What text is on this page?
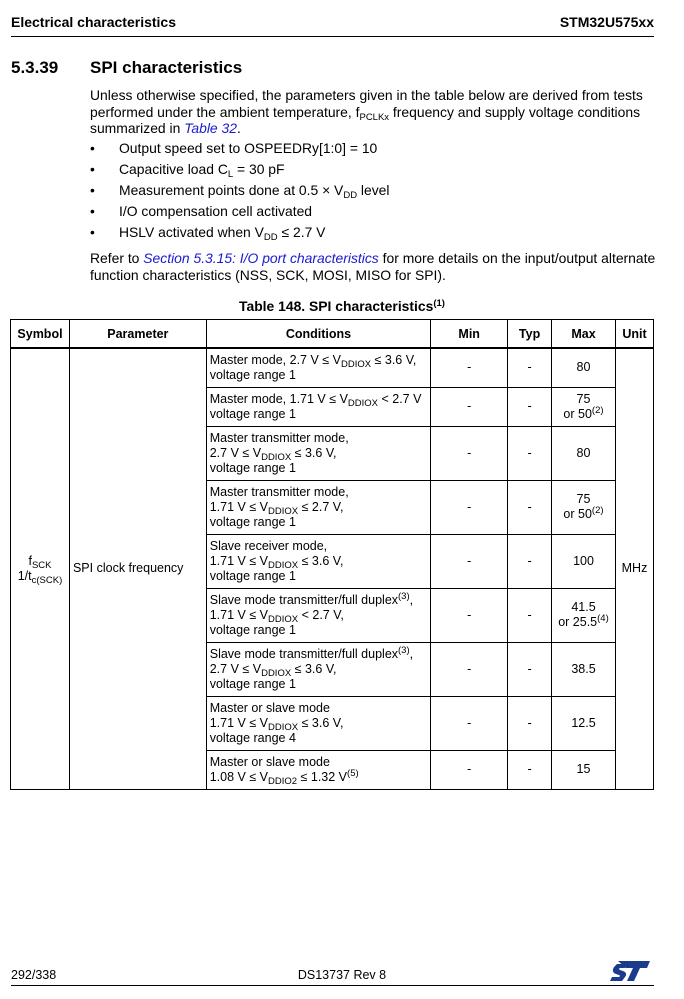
Electrical characteristics	STM32U575xx
5.3.39 SPI characteristics
Unless otherwise specified, the parameters given in the table below are derived from tests performed under the ambient temperature, $f_{PCLKx}$ frequency and supply voltage conditions summarized in Table 32.
• Output speed set to OSPEEDRy[1:0] = 10
• Capacitive load $C_L = 30$ pF
• Measurement points done at $0.5 \times V_{DD}$ level
• I/O compensation cell activated
• HSLV activated when $V_{DD} \le 2.7$ V
Refer to Section 5.3.15: I/O port characteristics for more details on the input/output alternate function characteristics (NSS, SCK, MOSI, MISO for SPI).
Table 148. SPI characteristics$^{(1)}$
Symbol	Parameter	Conditions	Min	Typ	Max	Unit
$f_{SCK}$
$1/t_{c(SCK)}$	SPI clock frequency	Master mode, 2.7 $V \le V_{DDIOX} \le 3.6$ V,
voltage range 1	-	-	80	MHz
		Master mode, 1.71 $V \le V_{DDIOX} < 2.7$ V
voltage range 1	-	-	75
or 50$^{(2)}$
		Master transmitter mode,
2.7 $V \le V_{DDIOX} \le 3.6$ V,
voltage range 1	-	-	80	
		Master transmitter mode,
1.71 $V \le V_{DDIOX} \le 2.7$ V,
voltage range 1	-	-	75
or 50$^{(2)}$
		Slave receiver mode,
1.71 $V \le V_{DDIOX} \le 3.6$ V,
voltage range 1	-	-	100	
		Slave mode transmitter/full duplex$^{(3)}$,
1.71 $V \le V_{DDIOX} < 2.7$ V,
voltage range 1	-	-	41.5
or 25.5$^{(4)}$
		Slave mode transmitter/full duplex$^{(3)}$,
2.7 $V \le V_{DDIOX} \le 3.6$ V,
voltage range 1	-	-	38.5	
		Master or slave mode
1.71 $V \le V_{DDIOX} \le 3.6$ V,
voltage range 4	-	-	12.5	
		Master or slave mode
1.08 $V \le V_{DDIO2} \le 1.32$ $V^{(5)}$	-	-	15	
292/338	DS13737 Rev 8
